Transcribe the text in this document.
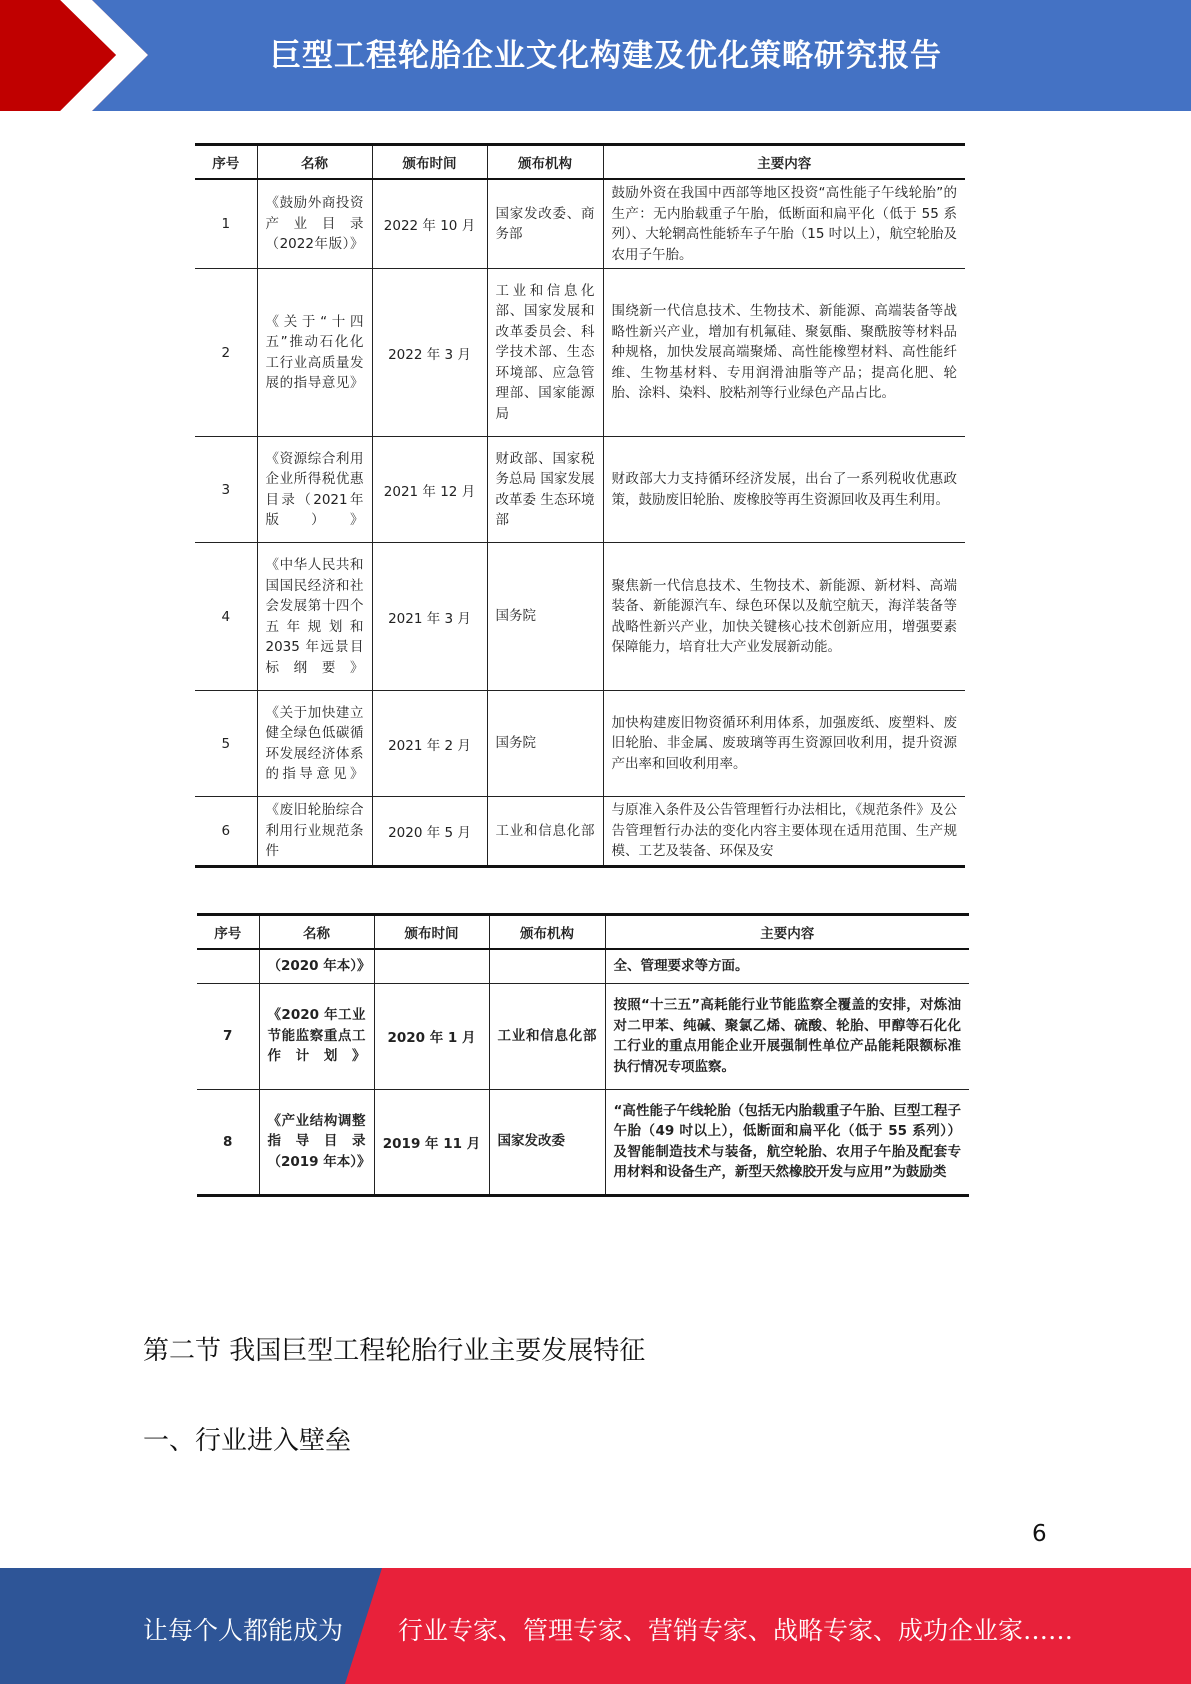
巨型工程轮胎企业文化构建及优化策略研究报告
序号	名称	颁布时间	颁布机构	主要内容
1	《鼓励外商投资产业目录（2022年版）》	2022 年 10 月	国家发改委、商务部	鼓励外资在我国中西部等地区投资“高性能子午线轮胎”的生产：无内胎载重子午胎，低断面和扁平化（低于 55 系列）、大轮辋高性能轿车子午胎（15 吋以上），航空轮胎及农用子午胎。
2	《关于“十四五”推动石化化工行业高质量发展的指导意见》	2022 年 3 月	工业和信息化部、国家发展和改革委员会、科学技术部、生态环境部、应急管理部、国家能源局	围绕新一代信息技术、生物技术、新能源、高端装备等战略性新兴产业，增加有机氟硅、聚氨酯、聚酰胺等材料品种规格，加快发展高端聚烯、高性能橡塑材料、高性能纤维、生物基材料、专用润滑油脂等产品；提高化肥、轮胎、涂料、染料、胶粘剂等行业绿色产品占比。
3	《资源综合利用企业所得税优惠目录（2021年版）》	2021 年 12 月	财政部、国家税务总局 国家发展改革委 生态环境部	财政部大力支持循环经济发展，出台了一系列税收优惠政策，鼓励废旧轮胎、废橡胶等再生资源回收及再生利用。
4	《中华人民共和国国民经济和社会发展第十四个五年规划和2035 年远景目标纲要》	2021 年 3 月	国务院	聚焦新一代信息技术、生物技术、新能源、新材料、高端装备、新能源汽车、绿色环保以及航空航天，海洋装备等战略性新兴产业，加快关键核心技术创新应用，增强要素保障能力，培育壮大产业发展新动能。
5	《关于加快建立健全绿色低碳循环发展经济体系的指导意见》	2021 年 2 月	国务院	加快构建废旧物资循环利用体系，加强废纸、废塑料、废旧轮胎、非金属、废玻璃等再生资源回收利用，提升资源产出率和回收利用率。
6	《废旧轮胎综合利用行业规范条件	2020 年 5 月	工业和信息化部	与原准入条件及公告管理暂行办法相比，《规范条件》及公告管理暂行办法的变化内容主要体现在适用范围、生产规模、工艺及装备、环保及安
序号	名称	颁布时间	颁布机构	主要内容
	（2020 年本）》			全、管理要求等方面。
7	《2020 年工业节能监察重点工作计划》	2020 年 1 月	工业和信息化部	按照“十三五”高耗能行业节能监察全覆盖的安排，对炼油对二甲苯、纯碱、聚氯乙烯、硫酸、轮胎、甲醇等石化化工行业的重点用能企业开展强制性单位产品能耗限额标准执行情况专项监察。
8	《产业结构调整指导目录（2019 年本）》	2019 年 11 月	国家发改委	“高性能子午线轮胎（包括无内胎载重子午胎、巨型工程子午胎（49 吋以上），低断面和扁平化（低于 55 系列））及智能制造技术与装备，航空轮胎、农用子午胎及配套专用材料和设备生产，新型天然橡胶开发与应用”为鼓励类
第二节 我国巨型工程轮胎行业主要发展特征
一、行业进入壁垒
6
让每个人都能成为 行业专家、管理专家、营销专家、战略专家、成功企业家……
